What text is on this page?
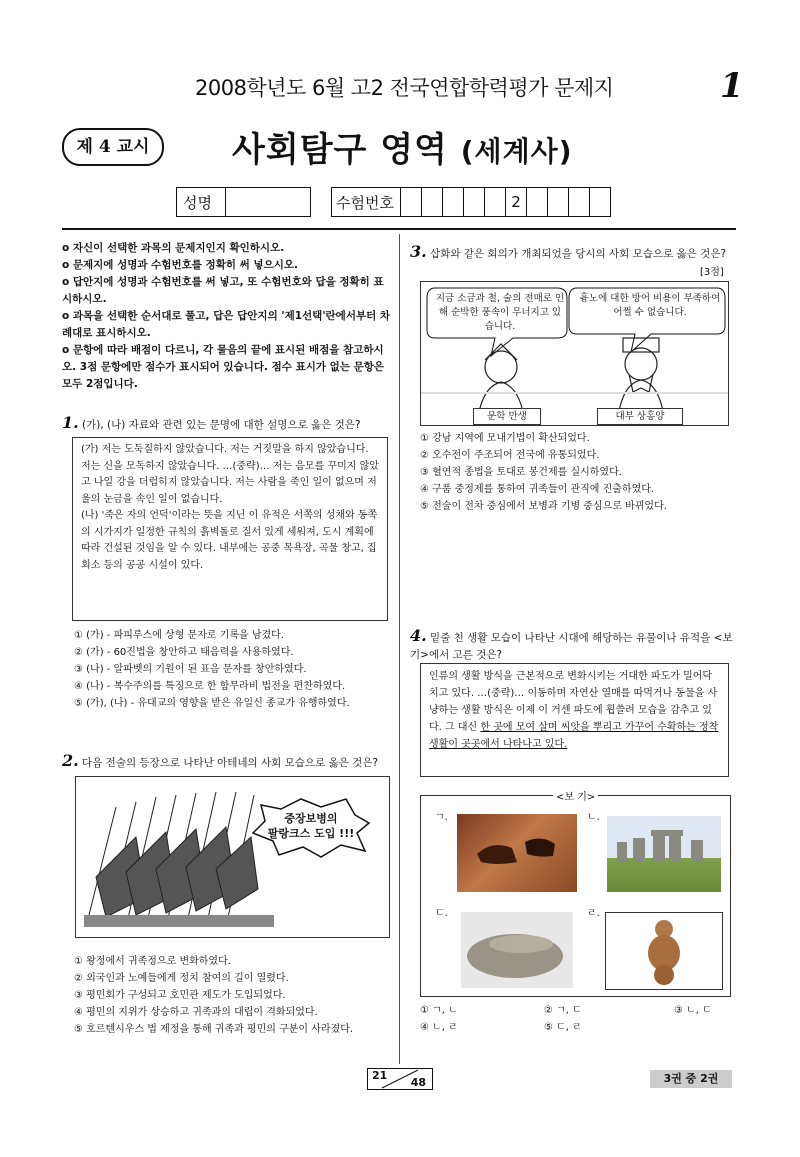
2008학년도 6월 고2 전국연합학력평가 문제지	1
제 4 교시	사회탐구 영역 (세계사)
성명			수험번호						2				
o 자신이 선택한 과목의 문제지인지 확인하시오.
o 문제지에 성명과 수험번호를 정확히 써 넣으시오.
o 답안지에 성명과 수험번호를 써 넣고, 또 수험번호와 답을 정확히 표시하시오.
o 과목을 선택한 순서대로 풀고, 답은 답안지의 '제1선택'란에서부터 차례대로 표시하시오.
o 문항에 따라 배점이 다르니, 각 물음의 끝에 표시된 배점을 참고하시오. 3점 문항에만 점수가 표시되어 있습니다. 점수 표시가 없는 문항은 모두 2점입니다.
1. (가), (나) 자료와 관련 있는 문명에 대한 설명으로 옳은 것은?
(가) 저는 도둑질하지 않았습니다. 저는 거짓말을 하지 않았습니다. 저는 신을 모독하지 않았습니다. …(중략)… 저는 음모를 꾸미지 않았고 나일 강을 더럽히지 않았습니다. 저는 사람을 죽인 일이 없으며 저울의 눈금을 속인 일이 없습니다.
(나) '죽은 자의 언덕'이라는 뜻을 지닌 이 유적은 서쪽의 성채와 동쪽의 시가지가 일정한 규칙의 흙벽돌로 질서 있게 세워져, 도시 계획에 따라 건설된 것임을 알 수 있다. 내부에는 공중 목욕장, 곡물 창고, 집회소 등의 공공 시설이 있다.
① (가) - 파피루스에 상형 문자로 기록을 남겼다.
② (가) - 60진법을 창안하고 태음력을 사용하였다.
③ (나) - 알파벳의 기원이 된 표음 문자를 창안하였다.
④ (나) - 복수주의를 특징으로 한 함무라비 법전을 편찬하였다.
⑤ (가), (나) - 유대교의 영향을 받은 유일신 종교가 유행하였다.
2. 다음 전술의 등장으로 나타난 아테네의 사회 모습으로 옳은 것은?
중장보병의
팔랑크스 도입 !!!
① 왕정에서 귀족정으로 변화하였다.
② 외국인과 노예들에게 정치 참여의 길이 열렸다.
③ 평민회가 구성되고 호민관 제도가 도입되었다.
④ 평민의 지위가 상승하고 귀족과의 대립이 격화되었다.
⑤ 호르텐시우스 법 제정을 통해 귀족과 평민의 구분이 사라졌다.
3. 삽화와 같은 회의가 개최되었을 당시의 사회 모습으로 옳은 것은?
[3점]
지금 소금과 철, 술의 전매로 인해 순박한 풍속이 무너지고 있습니다.
흉노에 대한 방어 비용이 부족하여 어쩔 수 없습니다.
문학 만생	대부 상홍양
① 강남 지역에 모내기법이 확산되었다.
② 오수전이 주조되어 전국에 유통되었다.
③ 혈연적 종법을 토대로 봉건제를 실시하였다.
④ 구품 중정제를 통하여 귀족들이 관직에 진출하였다.
⑤ 전술이 전차 중심에서 보병과 기병 중심으로 바뀌었다.
4. 밑줄 친 생활 모습이 나타난 시대에 해당하는 유물이나 유적을 <보기>에서 고른 것은?
인류의 생활 방식을 근본적으로 변화시키는 거대한 파도가 밀어닥치고 있다. …(중략)… 이동하며 자연산 열매를 따먹거나 동물을 사냥하는 생활 방식은 이제 이 거센 파도에 휩쓸려 모습을 감추고 있다. 그 대신 한 곳에 모여 살며 씨앗을 뿌리고 가꾸어 수확하는 정착 생활이 곳곳에서 나타나고 있다.
<보 기>
ㄱ.	ㄴ.
ㄷ.	ㄹ.
① ㄱ, ㄴ	② ㄱ, ㄷ	③ ㄴ, ㄷ
④ ㄴ, ㄹ	⑤ ㄷ, ㄹ
21
48	3권 중 2권
